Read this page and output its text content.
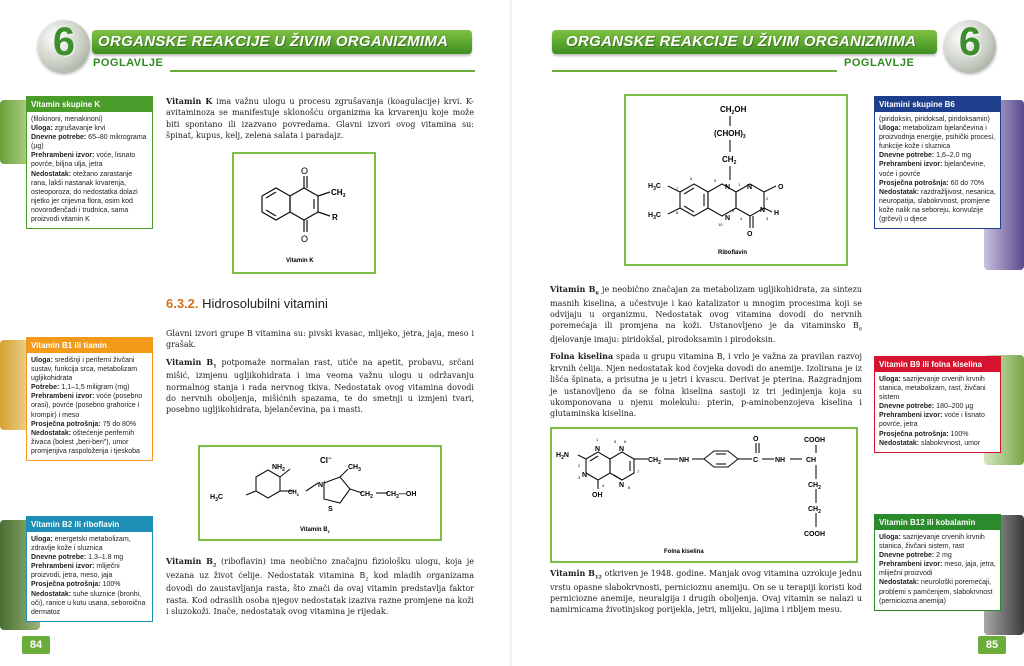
6	ORGANSKE REAKCIJE U ŽIVIM ORGANIZMIMA
POGLAVLJE
Vitamin skupine K
(filokinoni, menakinoni)
Uloga: zgrušavanje krvi
Dnevne potrebe: 65–80 mikrograma (µg)
Prehrambeni izvor: voće, lisnato povrće, biljna ulja, jetra
Nedostatak: otežano zarastanje rana, lakši nastanak krvarenja, osteoporoza; do nedostatka dolazi rijetko jer crijevna flora, osim kod novorođenčadi i trudnica, sama proizvodi vitamin K
Vitamin B1 ili tiamin
Uloga: središnji i periferni živčani sustav, funkcija srca, metabolizam ugljikohidrata
Potrebe: 1,1–1,5 miligram (mg)
Prehrambeni izvor: voće (posebno orasi), povrće (posebno grahorice i krompir) i meso
Prosječna potrošnja: 75 do 80%
Nedostatak: oštećenje perifernih živaca (bolest „beri-beri"), umor promjenjiva raspoloženja i tjeskoba
Vitamin B2 ili riboflavin
Uloga: energetski metabolizam, zdravlje kože i sluznica
Dnevne potrebe: 1.3–1.8 mg
Prehrambeni izvor: mliječni proizvodi, jetra, meso, jaja
Prosječna potrošnja: 100%
Nedostatak: suhe sluznice (bronhi, oči), ranice u kutu usana, seboroična dermatoz

Vitamin K ima važnu ulogu u procesu zgrušavanja (koagulacije) krvi. K-avitaminoza se manifestuje sklonošću organizma ka krvarenju koje može biti spontano ili izazvano povredama. Glavni izvori ovog vitamina su: špinat, kupus, kelj, zelena salata i paradajz.

O
O
$CH_3$
R
Vitamin K
6.3.2. Hidrosolubilni vitamini

Glavni izvori grupe B vitamina su: pivski kvasac, mlijeko, jetra, jaja, meso i grašak.

Vitamin $B_1$ potpomaže normalan rast, utiče na apetit, probavu, srčani mišić, izmjenu ugljikohidrata i ima veoma važnu ulogu u održavanju normalnog stanja i rada nervnog tkiva. Nedostatak ovog vitamina dovodi do nervnih oboljenja, mišićnih spazama, te do smetnji u izmjeni tvari, posebno ugljikohidrata, bjelančevina, pa i masti.

$NH_2$
Cl−
N+
$H_3C$
$CH_3$
$CH_2$	$CH_2$ $CH_2—OH$
S
Vitamin $B_1$

Vitamin $B_2$ (riboflavin) ima neobično značajnu fiziološku ulogu, koja je vezana uz život ćelije. Nedostatak vitamina $B_2$ kod mladih organizama dovodi do zaustavljanja rasta, što znači da ovaj vitamin predstavlja faktor rasta. Kod odraslih osoba njegov nedostatak izaziva razne promjene na koži i sluzokoži. Inače, nedostatak ovog vitamina je rijedak.

84
ORGANSKE REAKCIJE U ŽIVIM ORGANIZMIMA	6
POGLAVLJE
$CH_2OH$
$(CHOH)_3$
$CH_2$
N
N
N
N H
O
O
$H_3C$
$H_3C$
6
7
8
9
10
1
2
3
4
5
Riboflavin
Vitamini skupine B6
(piridoksin, piridoksal, piridoksamin)
Uloga: metabolizam bjelančevina i proizvodnja energije, psihički procesi, funkcije kože i sluznica
Dnevne potrebe: 1,6–2,0 mg
Prehrambeni izvor: bjelančevine, voće i povrće
Prosječna potrošnja: 60 do 70%
Nedostatak: razdražljivost, nesanica, neuropatija, slabokrvnost, promjene kože nalik na seboreju, konvulzije (grčevi) u djece

Vitamin $B_6$ je neobično značajan za metabolizam ugljikohidrata, za sintezu masnih kiselina, a učestvuje i kao katalizator u mnogim procesima koji se odvijaju u organizmu. Nedostatak ovog vitamina dovodi do nervnih poremećaja ili promjena na koži. Ustanovljeno je da vitaminsko $B_6$ djelovanje imaju: piridokšal, pirodoksamin i pirodoksin.

Folna kiselina spada u grupu vitamina B, i vrlo je važna za pravilan razvoj krvnih ćelija. Njen nedostatak kod čovjeka dovodi do anemije. Izolirana je iz lišća špinata, a prisutna je u jetri i kvascu. Derivat je pterina. Razgradnjom je ustanovljeno da se folna kiselina sastoji iz tri jedinjenja koja su ukomponovana u njenu molekulu: pterin, p-aminobenzojeva kiselina i glutaminska kiselina.

Vitamin B9 ili folna kiselina
Uloga: sazrijevanje crvenih krvnih stanica, metabolizam, rast, živčani sistem
Dnevne potrebe: 180–200 µg
Prehrambeni izvor: voće i lisnato povrće, jetra
Prosječna potrošnja: 100%
Nedostatak: slabokrvnost, umor
$H_2N$
N
N
N
N
OH
$CH_2$	NH	C
O
NH	CH
COOH
$CH_2$
$CH_2$
COOH
1
2
3
4
5 6
7
8
Folna kiselina
Vitamin B12 ili kobalamin
Uloga: sazrijevanje crvenih krvnih stanica, živčani sistem, rast
Dnevne potrebe: 2 mg
Prehrambeni izvor: meso, jaja, jetra, mliječni proizvodi
Nedostatak: neurološki poremećaji, problemi s pamćenjem, slabokrvnost (perniciozna anemija)

Vitamin $B_{12}$ otkriven je 1948. godine. Manjak ovog vitamina uzrokuje jednu vrstu opasne slabokrvnosti, pernicioznu anemiju. On se u terapiji koristi kod perniciozne anemije, neuralgija i drugih oboljenja. Ovaj vitamin se nalazi u namirnicama životinjskog porijekla, jetri, mlijeku, jajima i ribljem mesu.

85
